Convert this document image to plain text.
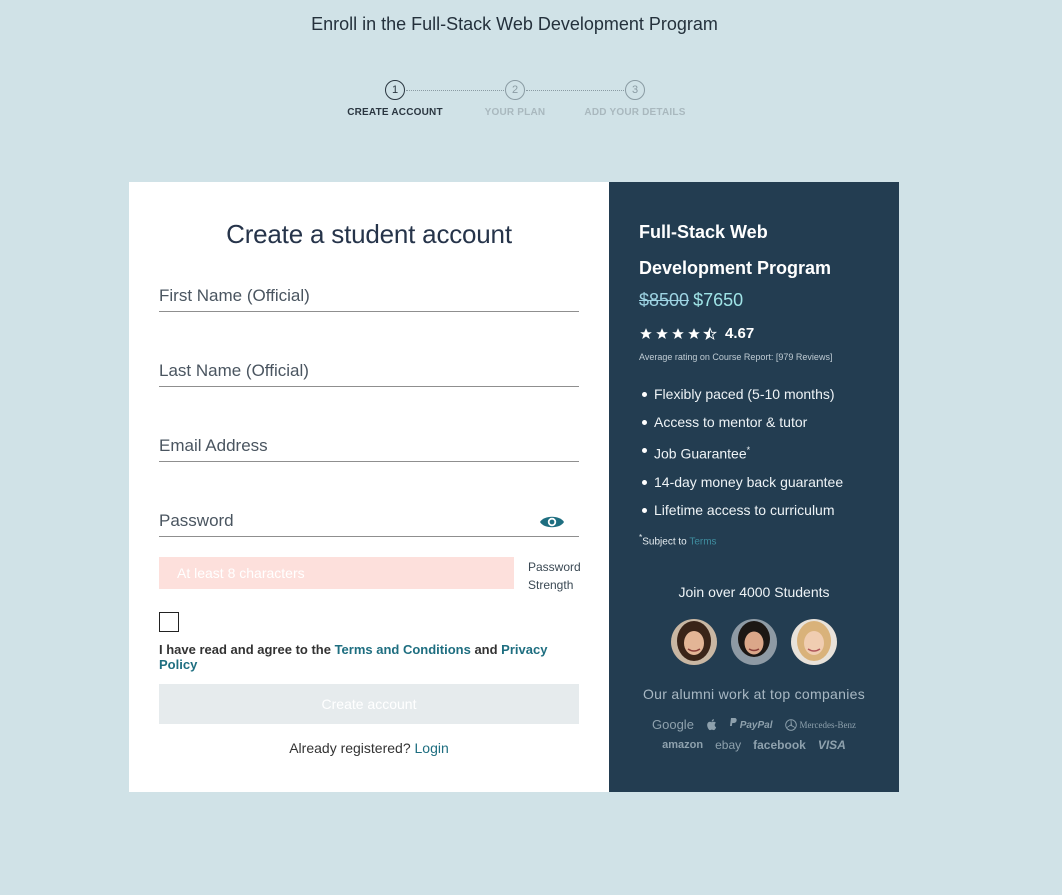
Enroll in the Full-Stack Web Development Program
1
CREATE ACCOUNT
2
YOUR PLAN
3
ADD YOUR DETAILS
Create a student account
First Name (Official)
Last Name (Official)
Email Address
At least 8 characters	Password Strength
I have read and agree to the Terms and Conditions and Privacy Policy
Create account
Already registered? Login
Full-Stack Web Development Program
$8500 $7650
4.67
Average rating on Course Report: [979 Reviews]
Flexibly paced (5-10 months)
Access to mentor & tutor
Job Guarantee*
14-day money back guarantee
Lifetime access to curriculum
*Subject to Terms
Join over 4000 Students
Our alumni work at top companies
Google	PayPal	Mercedes-Benz
amazon ebay facebook VISA
